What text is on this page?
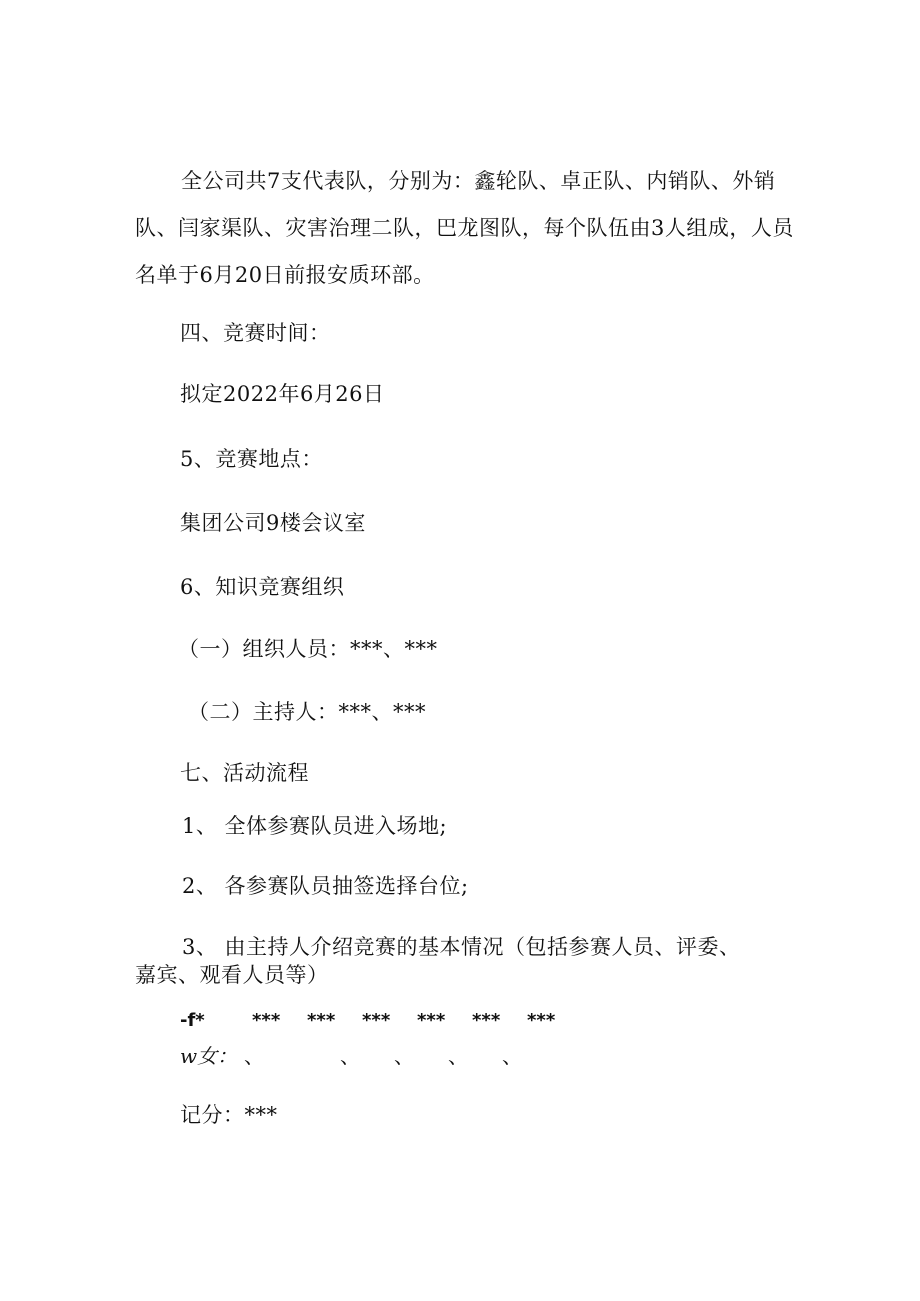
全公司共7支代表队，分别为：鑫轮队、卓正队、内销队、外销队、闫家渠队、灾害治理二队，巴龙图队，每个队伍由3人组成，人员名单于6月20日前报安质环部。
四、竞赛时间：
拟定2022年6月26日
5、竞赛地点：
集团公司9楼会议室
6、知识竞赛组织
（一）组织人员：***、***
（二）主持人：***、***
七、活动流程
1、 全体参赛队员进入场地;
2、 各参赛队员抽签选择台位;
3、 由主持人介绍竞赛的基本情况（包括参赛人员、评委、
嘉宾、观看人员等）
-f*	*** *** *** *** *** ***
w女： 、	、 、 、 、
记分：***
